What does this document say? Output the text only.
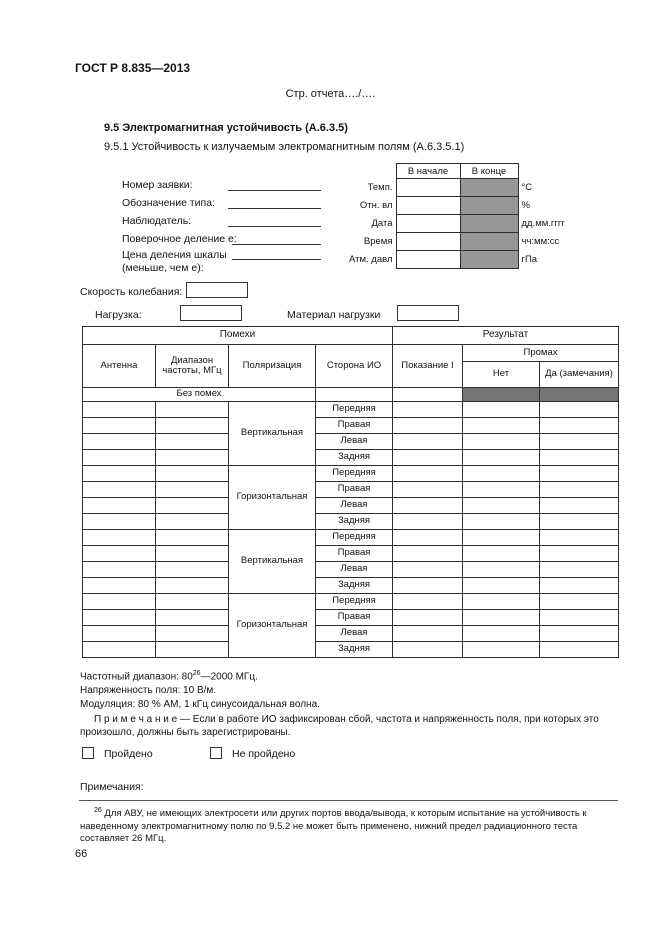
ГОСТ Р 8.835—2013
Стр. отчета…./….
9.5 Электромагнитная устойчивость (А.6.3.5)
9.5.1 Устойчивость к излучаемым электромагнитным полям (А.6.3.5.1)
Номер заявки:
Обозначение типа:
Наблюдатель:
Поверочное деление е:
Цена деления шкалы
(меньше, чем е):
	В начале	В конце	
Темп.			°С
Отн. вл			%
Дата			дд.мм.гггг
Время			чч:мм:сс
Атм. давл			гПа
Скорость колебания:
Нагрузка:	Материал нагрузки
Помехи				Результат		
Антенна	Диапазон частоты, МГц	Поляризация	Сторона ИО	Показание I	Промах	
					Нет	Да (замечания)
Без помех						
		Вертикальная	Передняя			
			Правая			
			Левая			
			Задняя			
		Горизонтальная	Передняя			
			Правая			
			Левая			
			Задняя			
		Вертикальная	Передняя			
			Правая			
			Левая			
			Задняя			
		Горизонтальная	Передняя			
			Правая			
			Левая			
			Задняя			
Частотный диапазон: $80^{26}—2000$ МГц.
Напряженность поля: 10 В/м.
Модуляция: 80 % АМ, 1 кГц синусоидальная волна.
П р и м е ч а н и е — Если в работе ИО зафиксирован сбой, частота и напряженность поля, при которых это произошло, должны быть зарегистрированы.
Пройдено	Не пройдено
Примечания:
$^{26}$ Для АВУ, не имеющих электросети или других портов ввода/вывода, к которым испытание на устойчивость к наведенному электромагнитному полю по 9.5.2 не может быть применено, нижний предел радиационного теста составляет 26 МГц.
66
